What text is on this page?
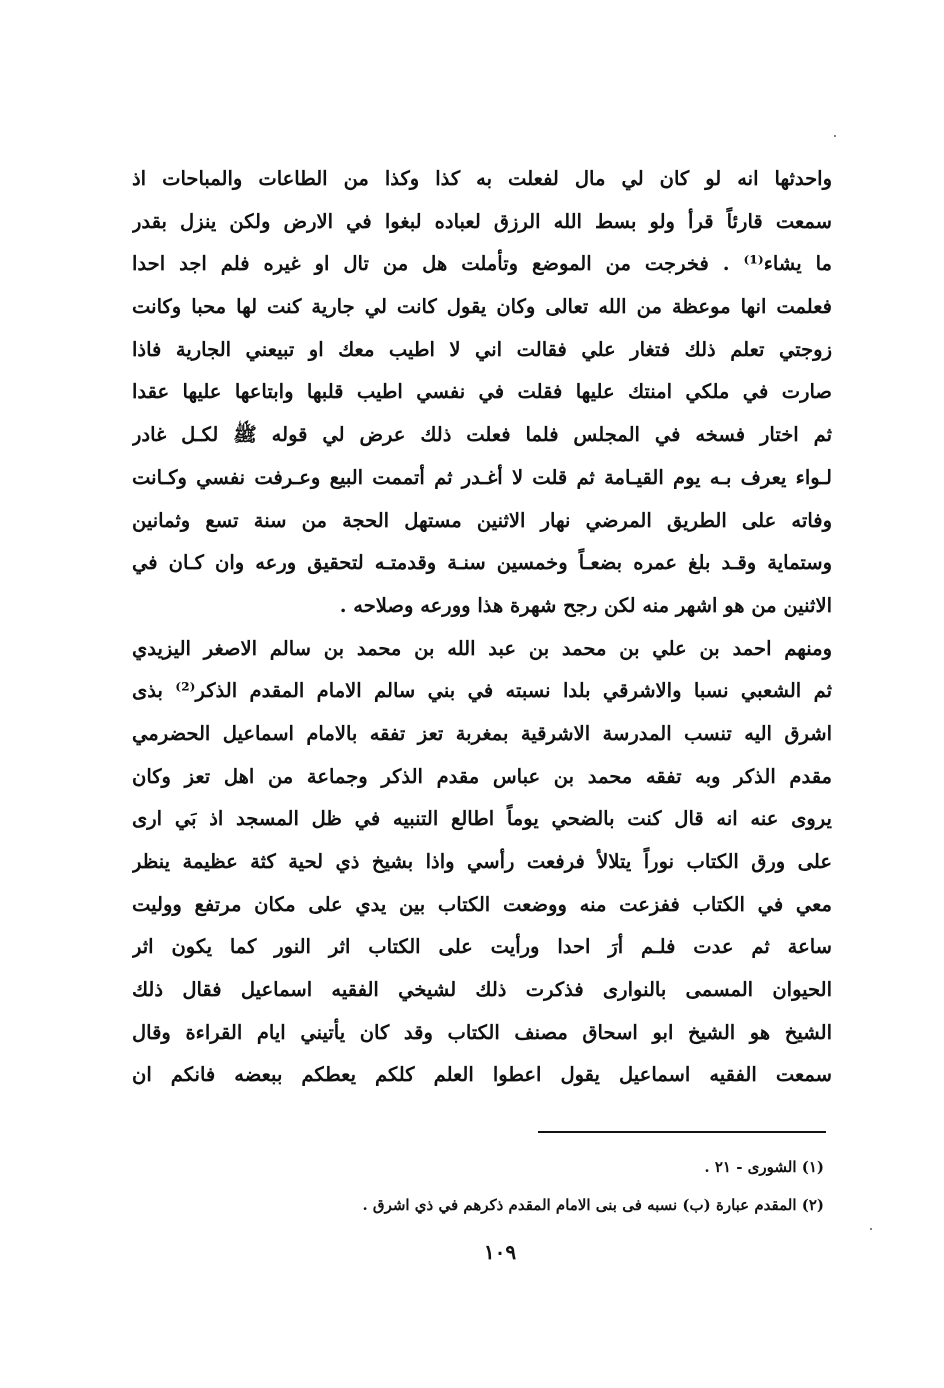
واحدثها انه لو كان لي مال لفعلت به كذا وكذا من الطاعات والمباحات اذ
سمعت قارئاً قرأ ولو بسط الله الرزق لعباده لبغوا في الارض ولكن ينزل بقدر
ما يشاء⁽¹⁾ . فخرجت من الموضع وتأملت هل من تال او غيره فلم اجد احدا
فعلمت انها موعظة من الله تعالى وكان يقول كانت لي جارية كنت لها محبا وكانت
زوجتي تعلم ذلك فتغار علي فقالت اني لا اطيب معك او تبيعني الجارية فاذا
صارت في ملكي امنتك عليها فقلت في نفسي اطيب قلبها وابتاعها عليها عقدا
ثم اختار فسخه في المجلس فلما فعلت ذلك عرض لي قوله ﷺ لكـل غادر
لـواء يعرف بـه يوم القيـامة ثم قلت لا أغـدر ثم أتممت البيع وعـرفت نفسي وكـانت
وفاته على الطريق المرضي نهار الاثنين مستهل الحجة من سنة تسع وثمانين
وستماية وقـد بلغ عمره بضعـاً وخمسين سنـة وقدمتـه لتحقيق ورعه وان كـان في
الاثنين من هو اشهر منه لكن رجح شهرة هذا وورعه وصلاحه .
ومنهم احمد بن علي بن محمد بن عبد الله بن محمد بن سالم الاصغر اليزيدي
ثم الشعبي نسبا والاشرقي بلدا نسبته في بني سالم الامام المقدم الذكر⁽²⁾ بذى
اشرق اليه تنسب المدرسة الاشرقية بمغربة تعز تفقه بالامام اسماعيل الحضرمي
مقدم الذكر وبه تفقه محمد بن عباس مقدم الذكر وجماعة من اهل تعز وكان
يروى عنه انه قال كنت بالضحي يوماً اطالع التنبيه في ظل المسجد اذ بَي ارى
على ورق الكتاب نوراً يتلالأ فرفعت رأسي واذا بشيخ ذي لحية كثة عظيمة ينظر
معي في الكتاب ففزعت منه ووضعت الكتاب بين يدي على مكان مرتفع ووليت
ساعة ثم عدت فلـم أرَ احدا ورأيت على الكتاب اثر النور كما يكون اثر
الحيوان المسمى بالنوارى فذكرت ذلك لشيخي الفقيه اسماعيل فقال ذلك
الشيخ هو الشيخ ابو اسحاق مصنف الكتاب وقد كان يأتيني ايام القراءة وقال
سمعت الفقيه اسماعيل يقول اعطوا العلم كلكم يعطكم ببعضه فانكم ان
(١) الشورى - ٢١ .
(٢) المقدم عبارة (ب) نسبه فى بنى الامام المقدم ذكرهم في ذي اشرق .
١٠٩
